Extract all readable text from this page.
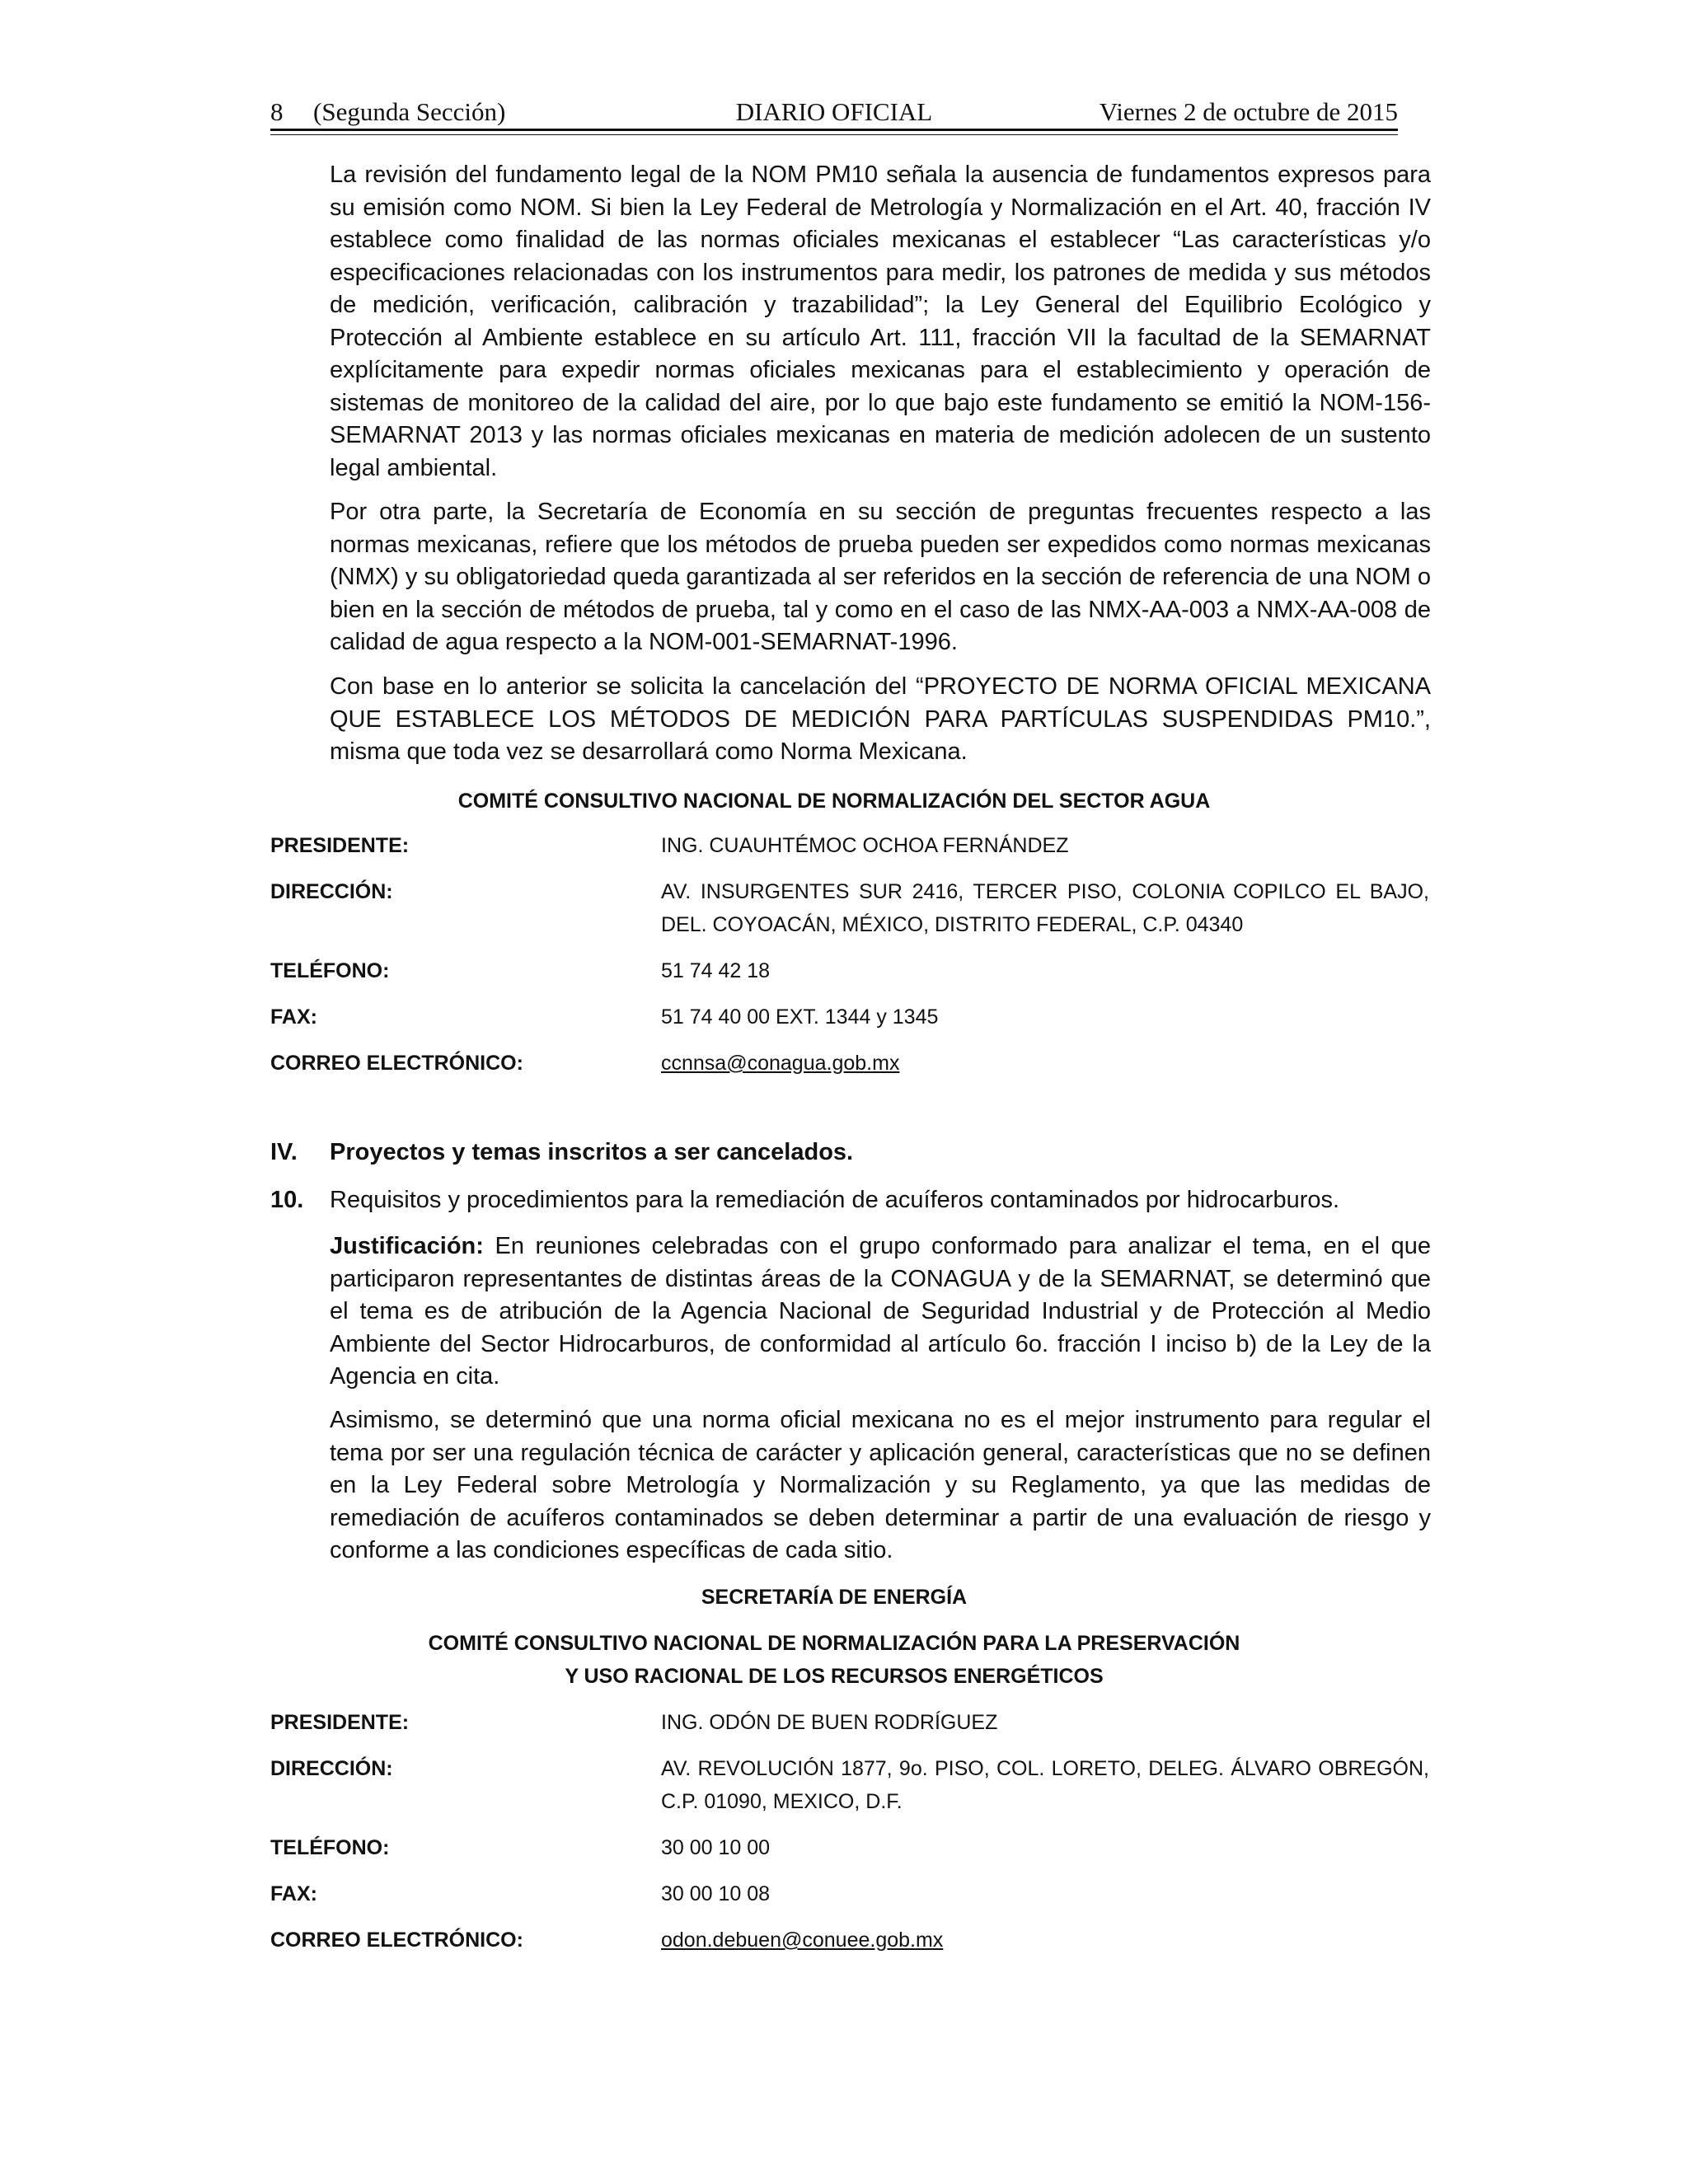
8 (Segunda Sección)	DIARIO OFICIAL	Viernes 2 de octubre de 2015

La revisión del fundamento legal de la NOM PM10 señala la ausencia de fundamentos expresos para su emisión como NOM. Si bien la Ley Federal de Metrología y Normalización en el Art. 40, fracción IV establece como finalidad de las normas oficiales mexicanas el establecer “Las características y/o especificaciones relacionadas con los instrumentos para medir, los patrones de medida y sus métodos de medición, verificación, calibración y trazabilidad”; la Ley General del Equilibrio Ecológico y Protección al Ambiente establece en su artículo Art. 111, fracción VII la facultad de la SEMARNAT explícitamente para expedir normas oficiales mexicanas para el establecimiento y operación de sistemas de monitoreo de la calidad del aire, por lo que bajo este fundamento se emitió la NOM-156-SEMARNAT 2013 y las normas oficiales mexicanas en materia de medición adolecen de un sustento legal ambiental.

Por otra parte, la Secretaría de Economía en su sección de preguntas frecuentes respecto a las normas mexicanas, refiere que los métodos de prueba pueden ser expedidos como normas mexicanas (NMX) y su obligatoriedad queda garantizada al ser referidos en la sección de referencia de una NOM o bien en la sección de métodos de prueba, tal y como en el caso de las NMX-AA-003 a NMX-AA-008 de calidad de agua respecto a la NOM-001-SEMARNAT-1996.

Con base en lo anterior se solicita la cancelación del “PROYECTO DE NORMA OFICIAL MEXICANA QUE ESTABLECE LOS MÉTODOS DE MEDICIÓN PARA PARTÍCULAS SUSPENDIDAS PM10.”, misma que toda vez se desarrollará como Norma Mexicana.

COMITÉ CONSULTIVO NACIONAL DE NORMALIZACIÓN DEL SECTOR AGUA
PRESIDENTE:	ING. CUAUHTÉMOC OCHOA FERNÁNDEZ
DIRECCIÓN:	AV. INSURGENTES SUR 2416, TERCER PISO, COLONIA COPILCO EL BAJO, DEL. COYOACÁN, MÉXICO, DISTRITO FEDERAL, C.P. 04340
TELÉFONO:	51 74 42 18
FAX:	51 74 40 00 EXT. 1344 y 1345
CORREO ELECTRÓNICO:	ccnnsa@conagua.gob.mx
IV. Proyectos y temas inscritos a ser cancelados.
10. Requisitos y procedimientos para la remediación de acuíferos contaminados por hidrocarburos.

Justificación: En reuniones celebradas con el grupo conformado para analizar el tema, en el que participaron representantes de distintas áreas de la CONAGUA y de la SEMARNAT, se determinó que el tema es de atribución de la Agencia Nacional de Seguridad Industrial y de Protección al Medio Ambiente del Sector Hidrocarburos, de conformidad al artículo 6o. fracción I inciso b) de la Ley de la Agencia en cita.

Asimismo, se determinó que una norma oficial mexicana no es el mejor instrumento para regular el tema por ser una regulación técnica de carácter y aplicación general, características que no se definen en la Ley Federal sobre Metrología y Normalización y su Reglamento, ya que las medidas de remediación de acuíferos contaminados se deben determinar a partir de una evaluación de riesgo y conforme a las condiciones específicas de cada sitio.

SECRETARÍA DE ENERGÍA
COMITÉ CONSULTIVO NACIONAL DE NORMALIZACIÓN PARA LA PRESERVACIÓN
Y USO RACIONAL DE LOS RECURSOS ENERGÉTICOS
PRESIDENTE:	ING. ODÓN DE BUEN RODRÍGUEZ
DIRECCIÓN:	AV. REVOLUCIÓN 1877, 9o. PISO, COL. LORETO, DELEG. ÁLVARO OBREGÓN, C.P. 01090, MEXICO, D.F.
TELÉFONO:	30 00 10 00
FAX:	30 00 10 08
CORREO ELECTRÓNICO:	odon.debuen@conuee.gob.mx
